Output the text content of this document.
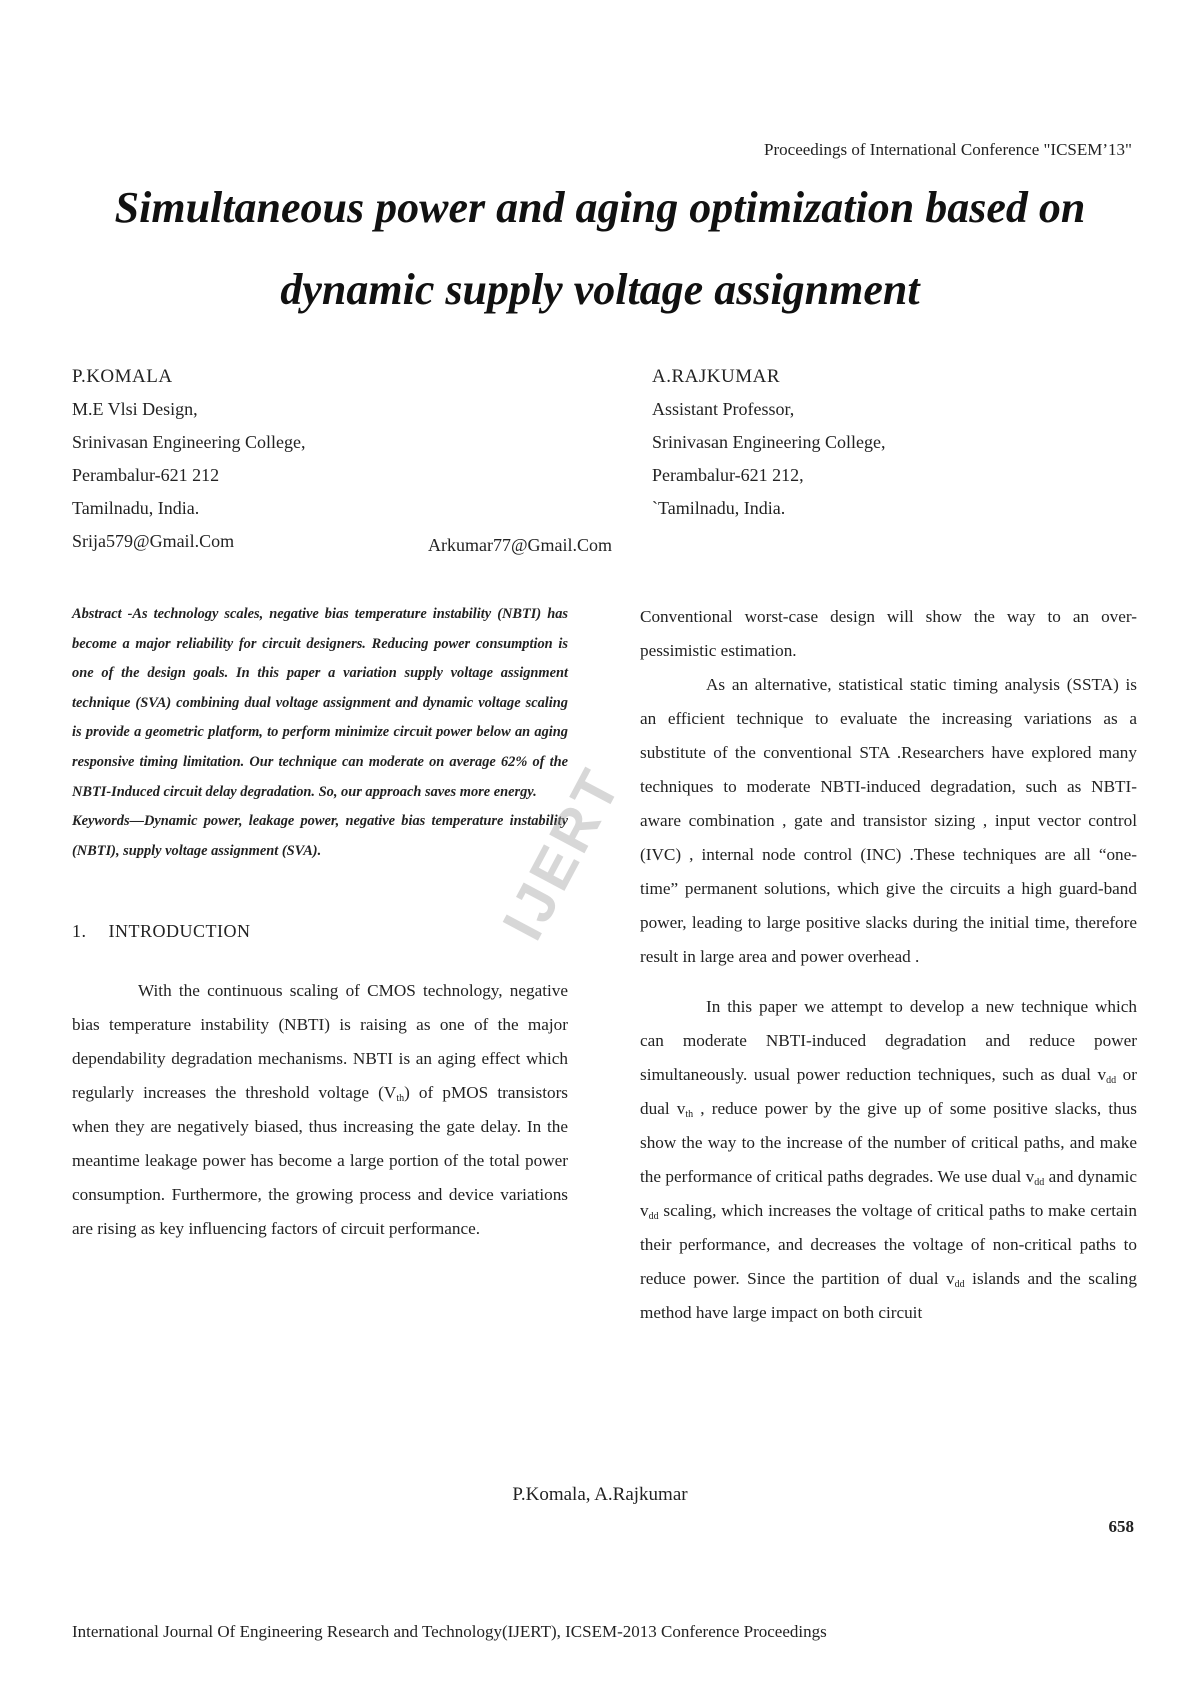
Proceedings of International Conference "ICSEM’13"
Simultaneous power and aging optimization based on
dynamic supply voltage assignment
P.KOMALA
M.E Vlsi Design,
Srinivasan Engineering College,
Perambalur-621 212
Tamilnadu, India.
Srija579@Gmail.Com
A.RAJKUMAR
Assistant Professor,
Srinivasan Engineering College,
Perambalur-621 212,
`Tamilnadu, India.
Arkumar77@Gmail.Com

Abstract -As technology scales, negative bias temperature instability (NBTI) has become a major reliability for circuit designers. Reducing power consumption is one of the design goals. In this paper a variation supply voltage assignment technique (SVA) combining dual voltage assignment and dynamic voltage scaling is provide a geometric platform, to perform minimize circuit power below an aging responsive timing limitation. Our technique can moderate on average 62% of the NBTI-Induced circuit delay degradation. So, our approach saves more energy.

Keywords—Dynamic power, leakage power, negative bias temperature instability (NBTI), supply voltage assignment (SVA).

1. INTRODUCTION

With the continuous scaling of CMOS technology, negative bias temperature instability (NBTI) is raising as one of the major dependability degradation mechanisms. NBTI is an aging effect which regularly increases the threshold voltage $(V_{th})$ of pMOS transistors when they are negatively biased, thus increasing the gate delay. In the meantime leakage power has become a large portion of the total power consumption. Furthermore, the growing process and device variations are rising as key influencing factors of circuit performance.

Conventional worst-case design will show the way to an over-pessimistic estimation.

As an alternative, statistical static timing analysis (SSTA) is an efficient technique to evaluate the increasing variations as a substitute of the conventional STA .Researchers have explored many techniques to moderate NBTI-induced degradation, such as NBTI-aware combination , gate and transistor sizing , input vector control (IVC) , internal node control (INC) .These techniques are all “one-time” permanent solutions, which give the circuits a high guard-band power, leading to large positive slacks during the initial time, therefore result in large area and power overhead .

In this paper we attempt to develop a new technique which can moderate NBTI-induced degradation and reduce power simultaneously. usual power reduction techniques, such as dual $v_{dd}$ or dual $v_{th}$ , reduce power by the give up of some positive slacks, thus show the way to the increase of the number of critical paths, and make the performance of critical paths degrades. We use dual $v_{dd}$ and dynamic $v_{dd}$ scaling, which increases the voltage of critical paths to make certain their performance, and decreases the voltage of non-critical paths to reduce power. Since the partition of dual $v_{dd}$ islands and the scaling method have large impact on both circuit

IJERT
P.Komala, A.Rajkumar
658
International Journal Of Engineering Research and Technology(IJERT), ICSEM-2013 Conference Proceedings
